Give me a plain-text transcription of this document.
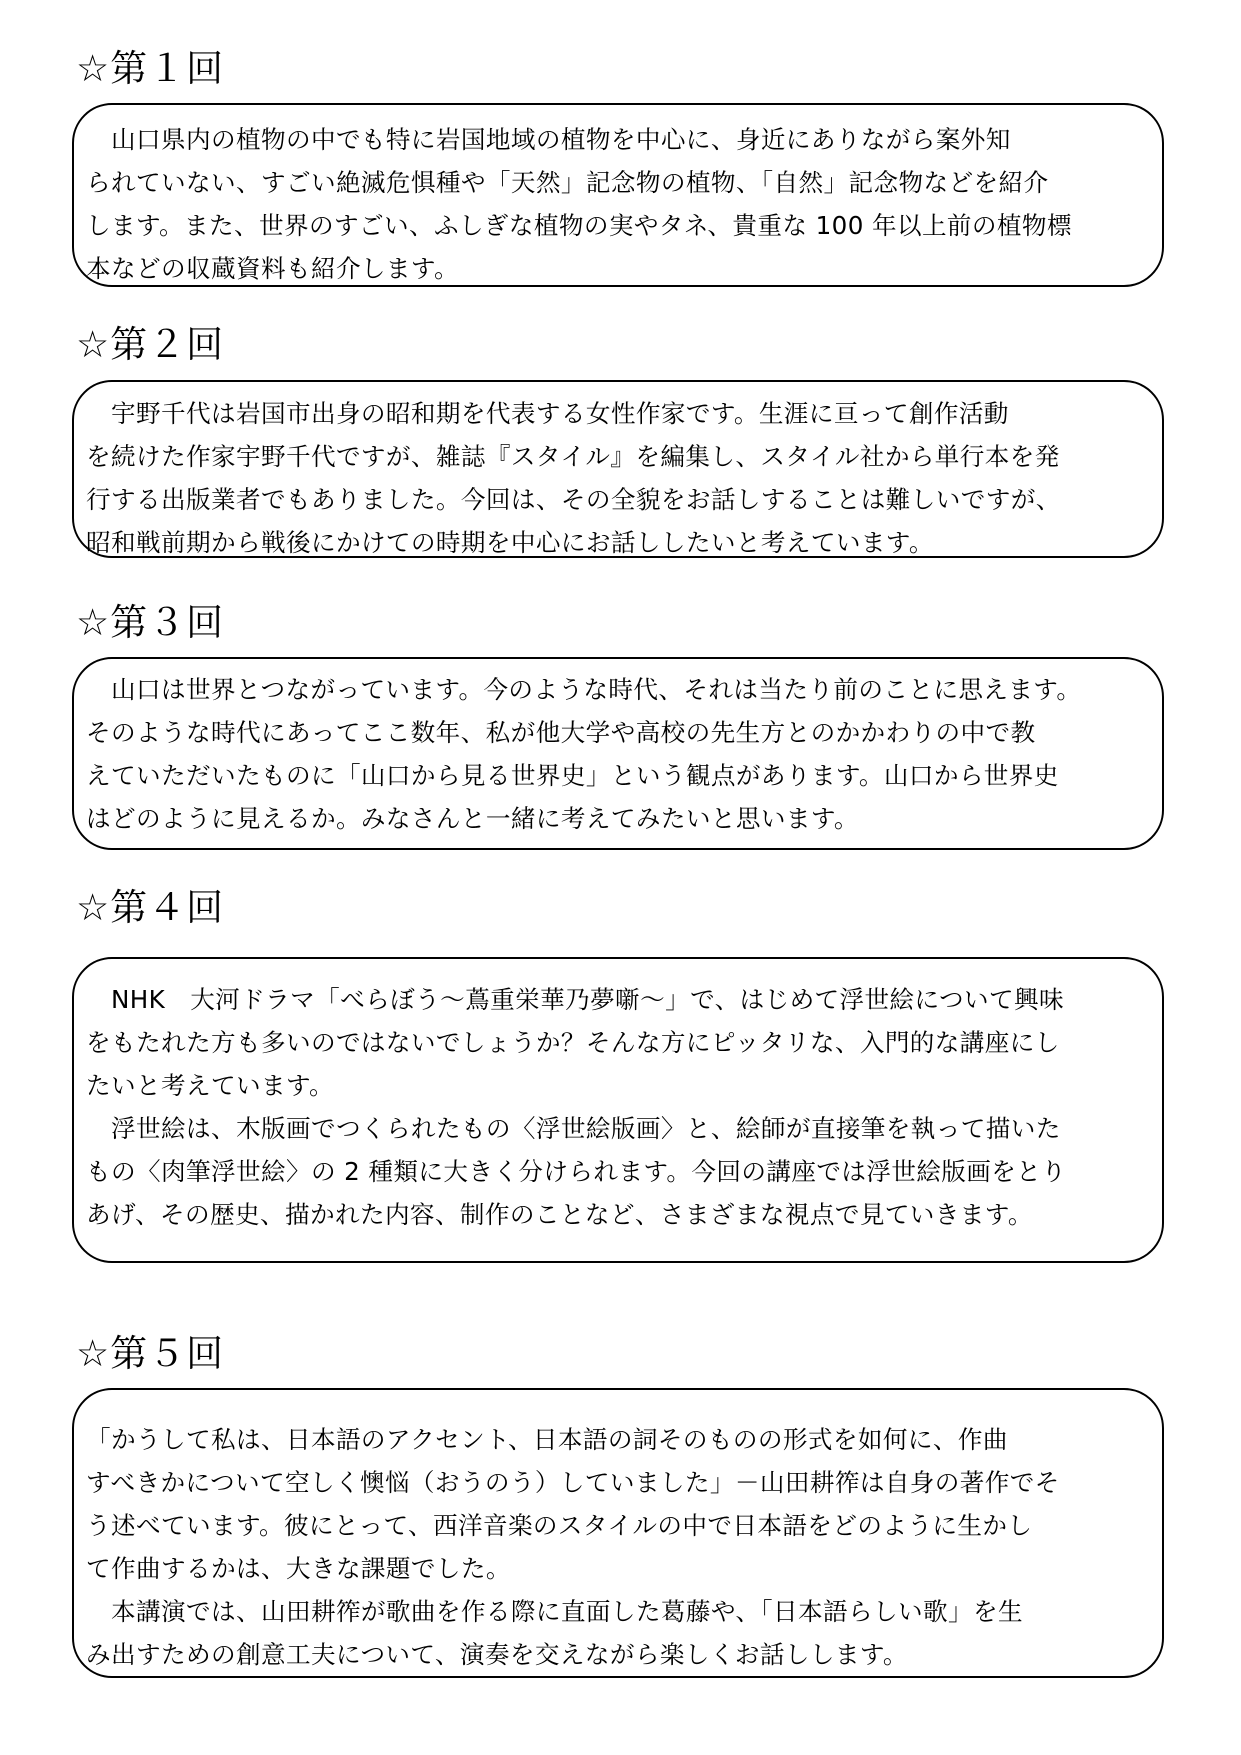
☆第１回
　山口県内の植物の中でも特に岩国地域の植物を中心に、身近にありながら案外知
られていない、すごい絶滅危惧種や「天然」記念物の植物、「自然」記念物などを紹介
します。また、世界のすごい、ふしぎな植物の実やタネ、貴重な 100 年以上前の植物標
本などの収蔵資料も紹介します。
☆第２回
　宇野千代は岩国市出身の昭和期を代表する女性作家です。生涯に亘って創作活動
を続けた作家宇野千代ですが、雑誌『スタイル』を編集し、スタイル社から単行本を発
行する出版業者でもありました。今回は、その全貌をお話しすることは難しいですが、
昭和戦前期から戦後にかけての時期を中心にお話ししたいと考えています。
☆第３回
　山口は世界とつながっています。今のような時代、それは当たり前のことに思えます。
そのような時代にあってここ数年、私が他大学や高校の先生方とのかかわりの中で教
えていただいたものに「山口から見る世界史」という観点があります。山口から世界史
はどのように見えるか。みなさんと一緒に考えてみたいと思います。
☆第４回
　NHK　大河ドラマ「べらぼう～蔦重栄華乃夢噺～」で、はじめて浮世絵について興味
をもたれた方も多いのではないでしょうか？そんな方にピッタリな、入門的な講座にし
たいと考えています。
　浮世絵は、木版画でつくられたもの〈浮世絵版画〉と、絵師が直接筆を執って描いた
もの〈肉筆浮世絵〉の 2 種類に大きく分けられます。今回の講座では浮世絵版画をとり
あげ、その歴史、描かれた内容、制作のことなど、さまざまな視点で見ていきます。
☆第５回
「かうして私は、日本語のアクセント、日本語の詞そのものの形式を如何に、作曲
すべきかについて空しく懊悩（おうのう）していました」－山田耕筰は自身の著作でそ
う述べています。彼にとって、西洋音楽のスタイルの中で日本語をどのように生かし
て作曲するかは、大きな課題でした。
　本講演では、山田耕筰が歌曲を作る際に直面した葛藤や、「日本語らしい歌」を生
み出すための創意工夫について、演奏を交えながら楽しくお話しします。
